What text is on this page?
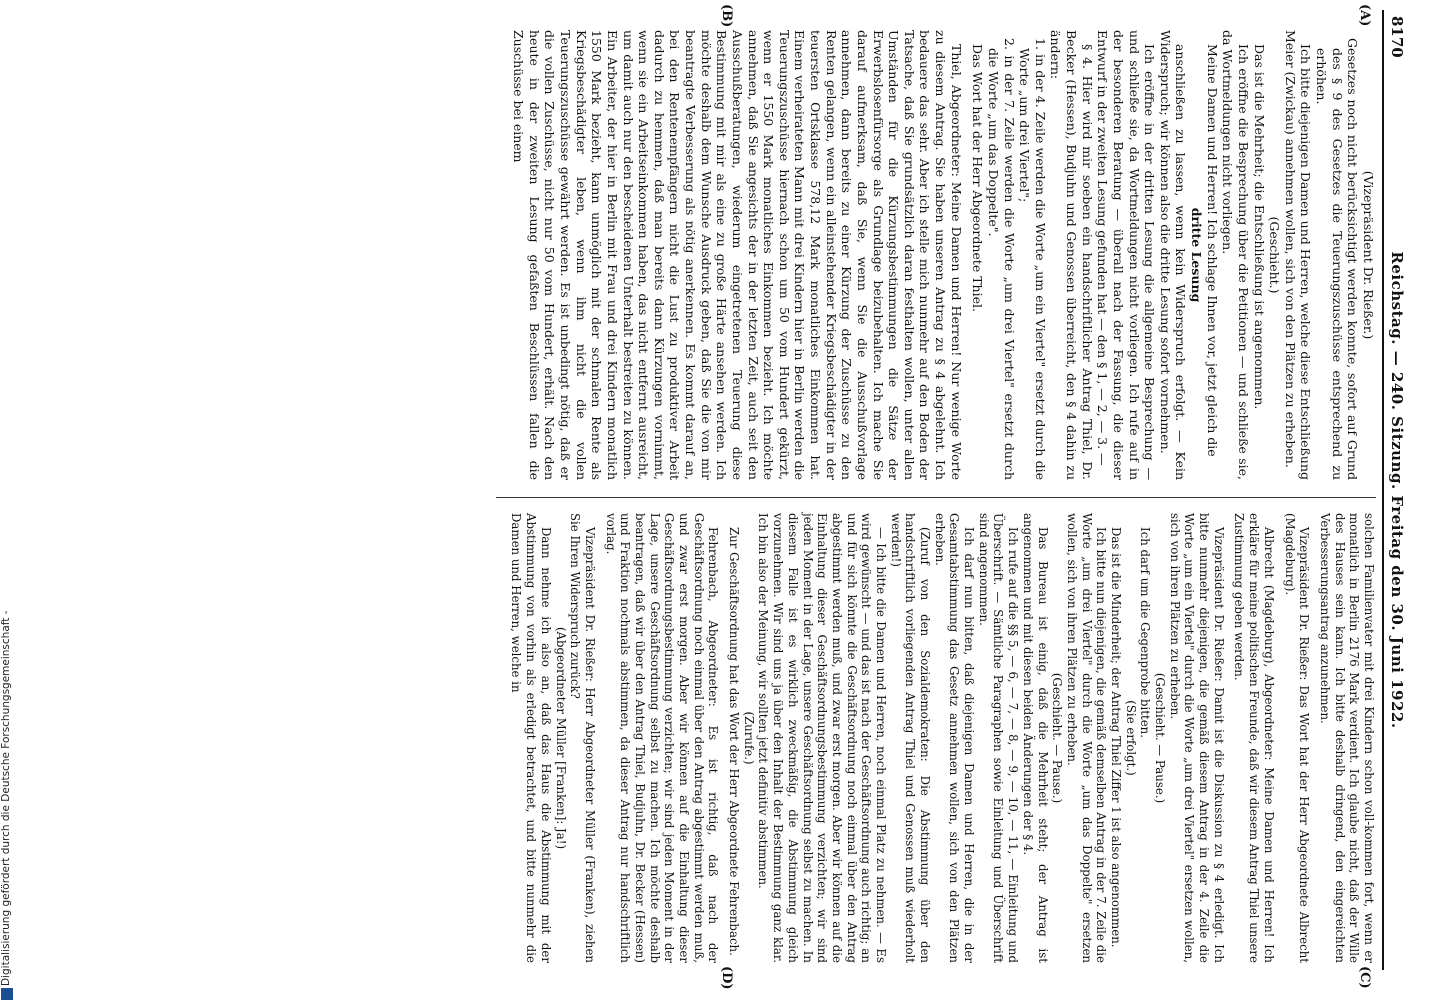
8170
Reichstag. — 240. Sitzung. Freitag den 30. Juni 1922.
(A)
(B)
(C)
(D)

(Vizepräsident Dr. Rießer.)

Gesetzes noch nicht berücksichtigt werden konnte, sofort auf Grund des § 9 des Gesetzes die Teuerungszuschüsse entsprechend zu erhöhen.

Ich bitte diejenigen Damen und Herren, welche diese Entschließung Meier (Zwickau) annehmen wollen, sich von den Plätzen zu erheben.

(Geschieht.)

Das ist die Mehrheit; die Entschließung ist angenommen.

Ich eröffne die Besprechung über die Petitionen — und schließe sie, da Wortmeldungen nicht vorliegen.

Meine Damen und Herren! Ich schlage Ihnen vor, jetzt gleich die

dritte Lesung

anschließen zu lassen, wenn kein Widerspruch erfolgt. — Kein Widerspruch; wir können also die dritte Lesung sofort vornehmen.

Ich eröffne in der dritten Lesung die allgemeine Besprechung — und schließe sie, da Wortmeldungen nicht vorliegen. Ich rufe auf in der besonderen Beratung — überall nach der Fassung, die dieser Entwurf in der zweiten Lesung gefunden hat — den § 1, — 2, — 3. —

§ 4. Hier wird mir soeben ein handschriftlicher Antrag Thiel, Dr. Becker (Hessen), Budjuhn und Genossen überreicht, den § 4 dahin zu ändern:

1. in der 4. Zeile werden die Worte „um ein Viertel" ersetzt durch die Worte „um drei Viertel";

2. in der 7. Zeile werden die Worte „um drei Viertel" ersetzt durch die Worte „um das Doppelte".

Das Wort hat der Herr Abgeordnete Thiel.

Thiel, Abgeordneter: Meine Damen und Herren! Nur wenige Worte zu diesem Antrag. Sie haben unseren Antrag zu § 4 abgelehnt. Ich bedauere das sehr. Aber ich stelle mich nunmehr auf den Boden der Tatsache, daß Sie grundsätzlich daran festhalten wollen, unter allen Umständen für die Kürzungsbestimmungen die Sätze der Erwerbslosenfürsorge als Grundlage beizubehalten. Ich mache Sie darauf aufmerksam, daß Sie, wenn Sie die Ausschußvorlage annehmen, dann bereits zu einer Kürzung der Zuschüsse zu den Renten gelangen, wenn ein alleinstehender Kriegsbeschädigter in der teuersten Ortsklasse 578,12 Mark monatliches Einkommen hat. Einem verheirateten Mann mit drei Kindern hier in Berlin werden die Teuerungszuschüsse hiernach schon um 50 vom Hundert gekürzt, wenn er 1550 Mark monatliches Einkommen bezieht. Ich möchte annehmen, daß Sie angesichts der in der letzten Zeit, auch seit den Ausschußberatungen, wiederum eingetretenen Teuerung diese Bestimmung mit mir als eine zu große Härte ansehen werden. Ich möchte deshalb dem Wunsche Ausdruck geben, daß Sie die von mir beantragte Verbesserung als nötig anerkennen. Es kommt darauf an, bei den Rentenempfängern nicht die Lust zu produktiver Arbeit dadurch zu hemmen, daß man bereits dann Kürzungen vornimmt, wenn sie ein Arbeitseinkommen haben, das nicht entfernt ausreicht, um damit auch nur den bescheidenen Unterhalt bestreiten zu können. Ein Arbeiter, der hier in Berlin mit Frau und drei Kindern monatlich 1550 Mark bezieht, kann unmöglich mit der schmalen Rente als Kriegsbeschädigter leben, wenn ihm nicht die vollen Teuerungszuschüsse gewährt werden. Es ist unbedingt nötig, daß er die vollen Zuschüsse, nicht nur 50 vom Hundert, erhält. Nach den heute in der zweiten Lesung gefaßten Beschlüssen fallen die Zuschüsse bei einem

solchen Familienvater mit drei Kindern schon voll-kommen fort, wenn er monatlich in Berlin 2176 Mark verdient. Ich glaube nicht, daß der Wille des Hauses sein kann. Ich bitte deshalb dringend, den eingereichten Verbesserungsantrag anzunehmen.

Vizepräsident Dr. Rießer: Das Wort hat der Herr Abgeordnete Albrecht (Magdeburg).

Albrecht (Magdeburg), Abgeordneter: Meine Damen und Herren! Ich erkläre für meine politischen Freunde, daß wir diesem Antrag Thiel unsere Zustimmung geben werden.

Vizepräsident Dr. Rießer: Damit ist die Diskussion zu § 4 erledigt. Ich bitte nunmehr diejenigen, die gemäß diesem Antrag in der 4. Zeile die Worte „um ein Viertel" durch die Worte „um drei Viertel" ersetzen wollen, sich von ihren Plätzen zu erheben.

(Geschieht. — Pause.)

Ich darf um die Gegenprobe bitten.

(Sie erfolgt.)

Das ist die Minderheit; der Antrag Thiel Ziffer 1 ist also angenommen.

Ich bitte nun diejenigen, die gemäß demselben Antrag in der 7. Zeile die Worte „um drei Viertel" durch die Worte „um das Doppelte" ersetzen wollen, sich von ihren Plätzen zu erheben.

(Geschieht. — Pause.)

Das Bureau ist einig, daß die Mehrheit steht; der Antrag ist angenommen und mit diesen beiden Änderungen der § 4.

Ich rufe auf die §§ 5, — 6, — 7, — 8, — 9, — 10, — 11, — Einleitung und Überschrift. — Sämtliche Paragraphen sowie Einleitung und Überschrift sind angenommen.

Ich darf nun bitten, daß diejenigen Damen und Herren, die in der Gesamtabstimmung das Gesetz annehmen wollen, sich von den Plätzen erheben.

(Zuruf von den Sozialdemokraten: Die Abstimmung über den handschriftlich vorliegenden Antrag Thiel und Genossen muß wiederholt werden!)

— Ich bitte die Damen und Herren, noch einmal Platz zu nehmen. — Es wird gewünscht — und das ist nach der Geschäftsordnung auch richtig; an und für sich könnte die Geschäftsordnung noch einmal über den Antrag abgestimmt werden muß, und zwar erst morgen. Aber wir können auf die Einhaltung dieser Geschäftsordnungsbestimmung verzichten; wir sind jeden Moment in der Lage, unsere Geschäftsordnung selbst zu machen. In diesem Falle ist es wirklich zweckmäßig, die Abstimmung gleich vorzunehmen. Wir sind uns ja über den Inhalt der Bestimmung ganz klar. Ich bin also der Meinung, wir sollten jetzt definitiv abstimmen.

(Zurufe.)

Zur Geschäftsordnung hat das Wort der Herr Abgeordnete Fehrenbach.

Fehrenbach, Abgeordneter: Es ist richtig, daß nach der Geschäftsordnung noch einmal über den Antrag abgestimmt werden muß, und zwar erst morgen. Aber wir können auf die Einhaltung dieser Geschäftsordnungsbestimmung verzichten; wir sind jeden Moment in der Lage, unsere Geschäftsordnung selbst zu machen. Ich möchte deshalb beantragen, daß wir über den Antrag Thiel, Budjuhn, Dr. Becker (Hessen) und Fraktion nochmals abstimmen, da dieser Antrag nur handschriftlich vorlag.

Vizepräsident Dr. Rießer: Herr Abgeordneter Müller (Franken), ziehen Sie Ihren Widerspruch zurück?

(Abgeordneter Müller [Franken]: Ja!)

Dann nehme ich also an, daß das Haus die Abstimmung mit der Abstimmung von vorhin als erledigt betrachtet, und bitte nunmehr die Damen und Herren, welche in

Digitalisierung gefördert durch die Deutsche Forschungsgemeinschaft -
